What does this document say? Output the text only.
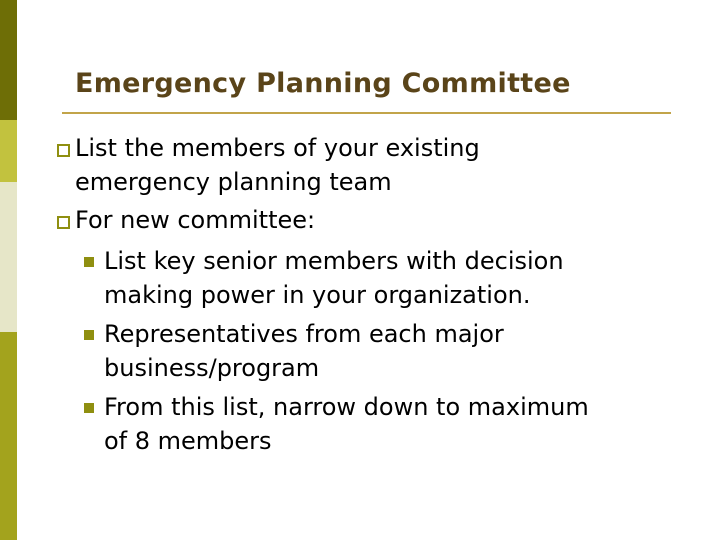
Emergency Planning Committee
List the members of your existing
emergency planning team
For new committee:
List key senior members with decision
making power in your organization.
Representatives from each major
business/program
From this list, narrow down to maximum
of 8 members
